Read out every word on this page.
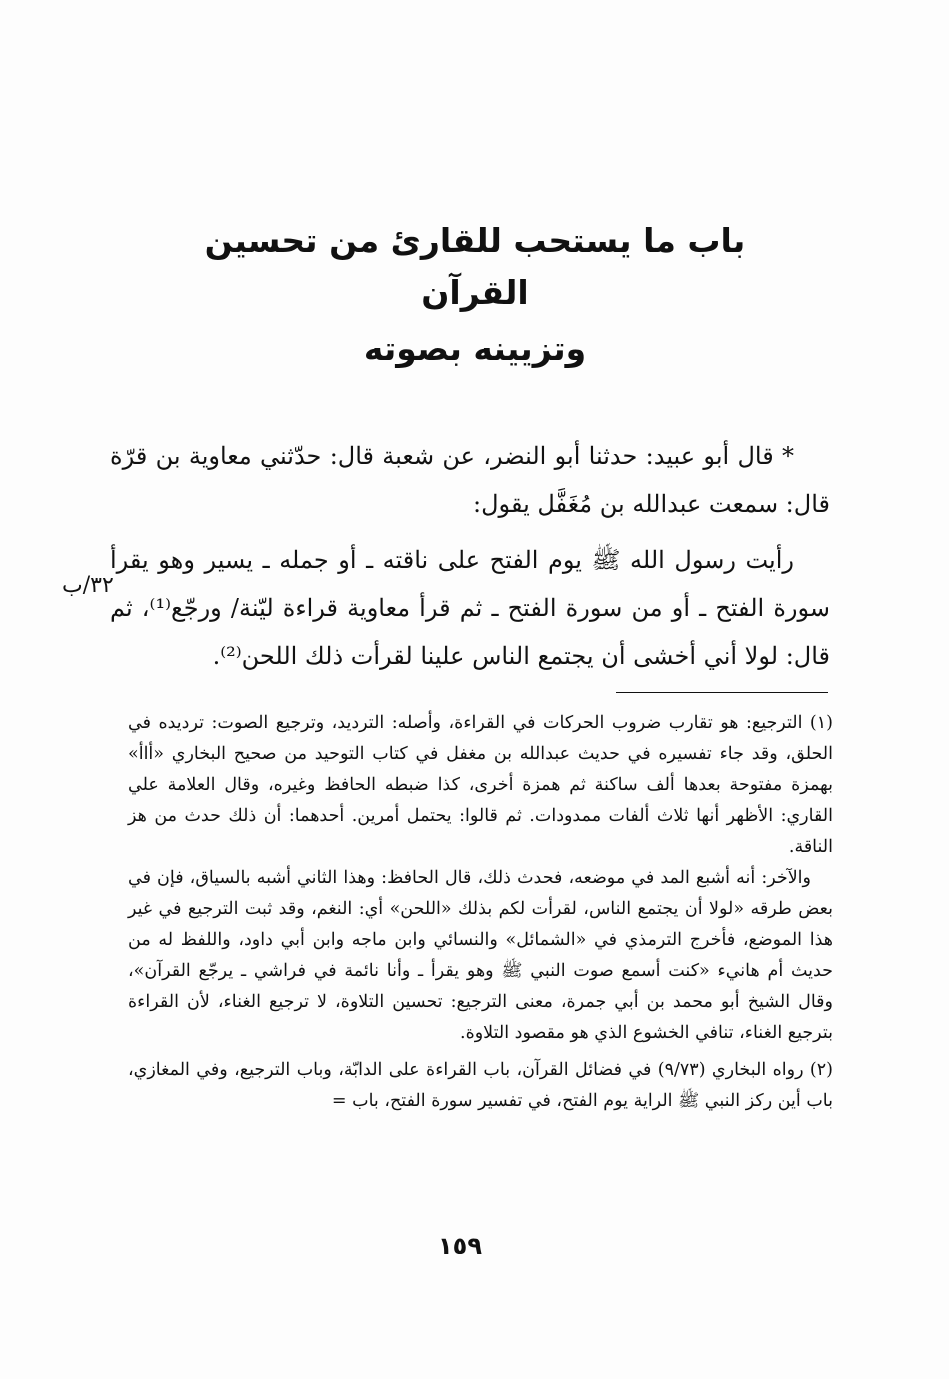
باب ما يستحب للقارئ من تحسين القرآن
وتزيينه بصوته

* قال أبو عبيد: حدثنا أبو النضر، عن شعبة قال: حدّثني معاوية بن قرّة قال: سمعت عبدالله بن مُغَفَّل يقول:

رأيت رسول الله ﷺ يوم الفتح على ناقته ـ أو جمله ـ يسير وهو يقرأ سورة الفتح ـ أو من سورة الفتح ـ ثم قرأ معاوية قراءة ليّنة/ ورجّع⁽¹⁾، ثم قال: لولا أني أخشى أن يجتمع الناس علينا لقرأت ذلك اللحن⁽²⁾.

٣٢/ب

(١) الترجيع: هو تقارب ضروب الحركات في القراءة، وأصله: الترديد، وترجيع الصوت: ترديده في الحلق، وقد جاء تفسيره في حديث عبدالله بن مغفل في كتاب التوحيد من صحيح البخاري «أاأ» بهمزة مفتوحة بعدها ألف ساكنة ثم همزة أخرى، كذا ضبطه الحافظ وغيره، وقال العلامة علي القاري: الأظهر أنها ثلاث ألفات ممدودات. ثم قالوا: يحتمل أمرين. أحدهما: أن ذلك حدث من هز الناقة.

والآخر: أنه أشبع المد في موضعه، فحدث ذلك، قال الحافظ: وهذا الثاني أشبه بالسياق، فإن في بعض طرقه «لولا أن يجتمع الناس، لقرأت لكم بذلك «اللحن» أي: النغم، وقد ثبت الترجيع في غير هذا الموضع، فأخرج الترمذي في «الشمائل» والنسائي وابن ماجه وابن أبي داود، واللفظ له من حديث أم هانيء «كنت أسمع صوت النبي ﷺ وهو يقرأ ـ وأنا نائمة في فراشي ـ يرجّع القرآن»، وقال الشيخ أبو محمد بن أبي جمرة، معنى الترجيع: تحسين التلاوة، لا ترجيع الغناء، لأن القراءة بترجيع الغناء، تنافي الخشوع الذي هو مقصود التلاوة.

(٢) رواه البخاري (٩/٧٣) في فضائل القرآن، باب القراءة على الدابّة، وباب الترجيع، وفي المغازي، باب أين ركز النبي ﷺ الراية يوم الفتح، في تفسير سورة الفتح، باب =

١٥٩
